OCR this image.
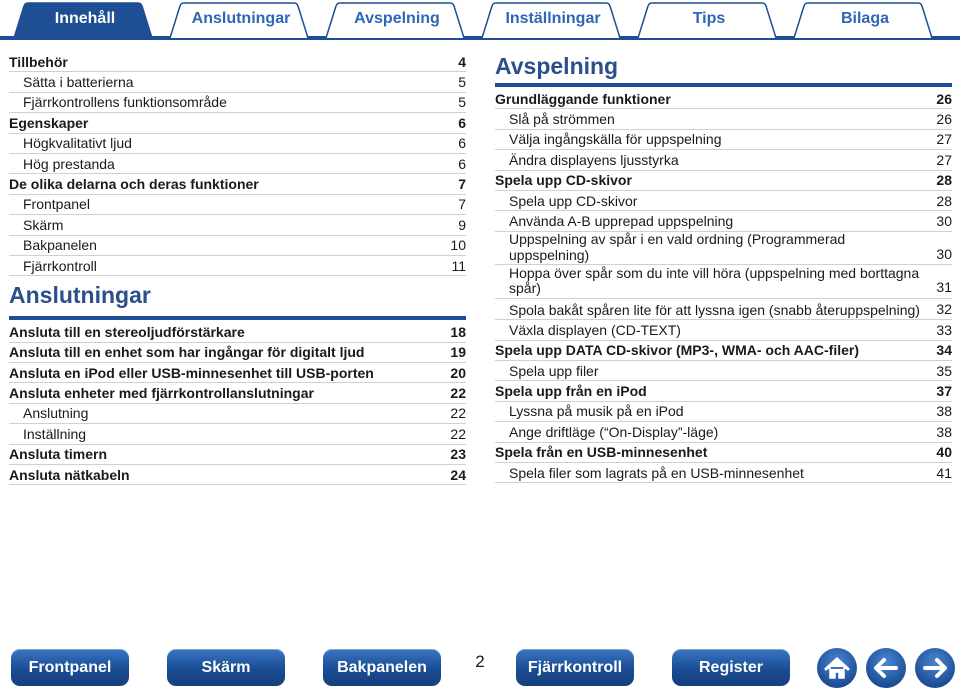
Innehåll	Anslutningar	Avspelning	Inställningar	Tips	Bilaga
Tillbehör	4
Sätta i batterierna	5
Fjärrkontrollens funktionsområde	5
Egenskaper	6
Högkvalitativt ljud	6
Hög prestanda	6
De olika delarna och deras funktioner	7
Frontpanel	7
Skärm	9
Bakpanelen	10
Fjärrkontroll	11
Anslutningar
Ansluta till en stereoljudförstärkare	18
Ansluta till en enhet som har ingångar för digitalt ljud	19
Ansluta en iPod eller USB-minnesenhet till USB-porten	20
Ansluta enheter med fjärrkontrollanslutningar	22
Anslutning	22
Inställning	22
Ansluta timern	23
Ansluta nätkabeln	24
Avspelning
Grundläggande funktioner	26
Slå på strömmen	26
Välja ingångskälla för uppspelning	27
Ändra displayens ljusstyrka	27
Spela upp CD-skivor	28
Spela upp CD-skivor	28
Använda A-B upprepad uppspelning	30
Uppspelning av spår i en vald ordning (Programmerad uppspelning)	30
Hoppa över spår som du inte vill höra (uppspelning med borttagna spår)	31
Spola bakåt spåren lite för att lyssna igen (snabb återuppspelning)	32
Växla displayen (CD-TEXT)	33
Spela upp DATA CD-skivor (MP3-, WMA- och AAC-filer)	34
Spela upp filer	35
Spela upp från en iPod	37
Lyssna på musik på en iPod	38
Ange driftläge (“On-Display”-läge)	38
Spela från en USB-minnesenhet	40
Spela filer som lagrats på en USB-minnesenhet	41
Frontpanel	Skärm	Bakpanelen	2	Fjärrkontroll	Register
